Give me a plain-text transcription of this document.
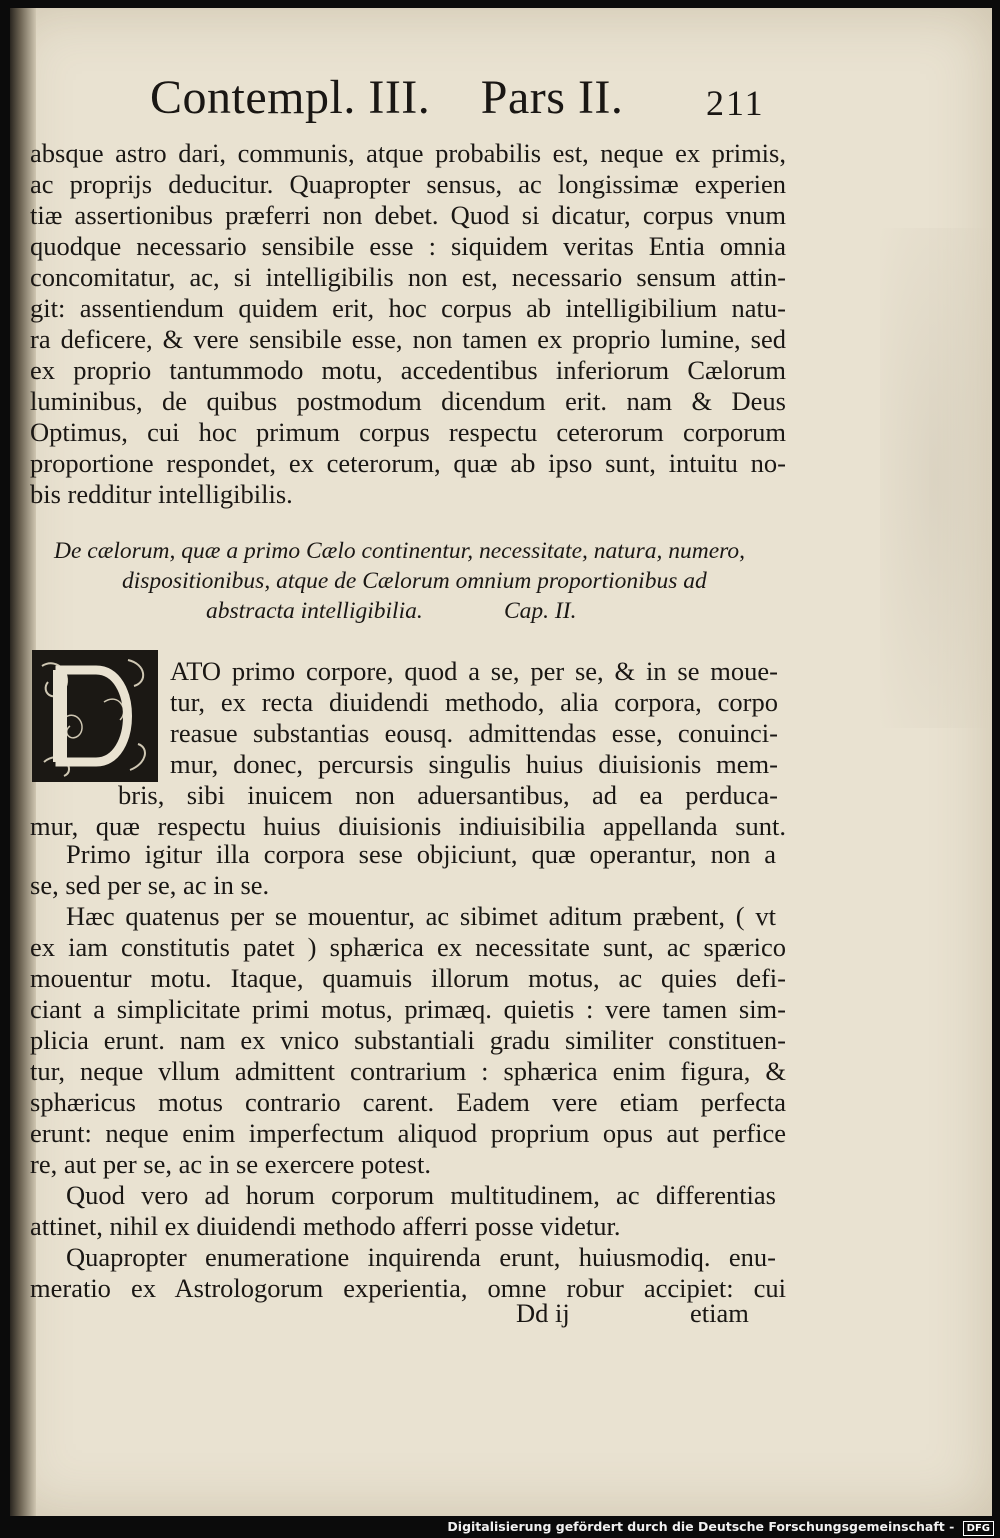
Contempl. III. Pars II.	211
absque astro dari, communis, atque probabilis est, neque ex primis,
ac proprijs deducitur. Quapropter sensus, ac longissimæ experien
tiæ assertionibus præferri non debet. Quod si dicatur, corpus vnum
quodque necessario sensibile esse : siquidem veritas Entia omnia
concomitatur, ac, si intelligibilis non est, necessario sensum attin-
git: assentiendum quidem erit, hoc corpus ab intelligibilium natu-
ra deficere, & vere sensibile esse, non tamen ex proprio lumine, sed
ex proprio tantummodo motu, accedentibus inferiorum Cælorum
luminibus, de quibus postmodum dicendum erit. nam & Deus
Optimus, cui hoc primum corpus respectu ceterorum corporum
proportione respondet, ex ceterorum, quæ ab ipso sunt, intuitu no-
bis redditur intelligibilis.
De cælorum, quæ a primo Cælo continentur, necessitate, natura, numero,
dispositionibus, atque de Cælorum omnium proportionibus ad
abstracta intelligibilia.	Cap. II.
ATO primo corpore, quod a se, per se, & in se moue-
tur, ex recta diuidendi methodo, alia corpora, corpo
reasue substantias eousq. admittendas esse, conuinci-
mur, donec, percursis singulis huius diuisionis mem-
bris, sibi inuicem non aduersantibus, ad ea perduca-
mur, quæ respectu huius diuisionis indiuisibilia appellanda sunt.
Primo igitur illa corpora sese objiciunt, quæ operantur, non a
se, sed per se, ac in se.
Hæc quatenus per se mouentur, ac sibimet aditum præbent, ( vt
ex iam constitutis patet ) sphærica ex necessitate sunt, ac spærico
mouentur motu. Itaque, quamuis illorum motus, ac quies defi-
ciant a simplicitate primi motus, primæq. quietis : vere tamen sim-
plicia erunt. nam ex vnico substantiali gradu similiter constituen-
tur, neque vllum admittent contrarium : sphærica enim figura, &
sphæricus motus contrario carent. Eadem vere etiam perfecta
erunt: neque enim imperfectum aliquod proprium opus aut perfice
re, aut per se, ac in se exercere potest.
Quod vero ad horum corporum multitudinem, ac differentias
attinet, nihil ex diuidendi methodo afferri posse videtur.
Quapropter enumeratione inquirenda erunt, huiusmodiq. enu-
meratio ex Astrologorum experientia, omne robur accipiet: cui
Dd ij	etiam
Digitalisierung gefördert durch die Deutsche Forschungsgemeinschaft - DFG
